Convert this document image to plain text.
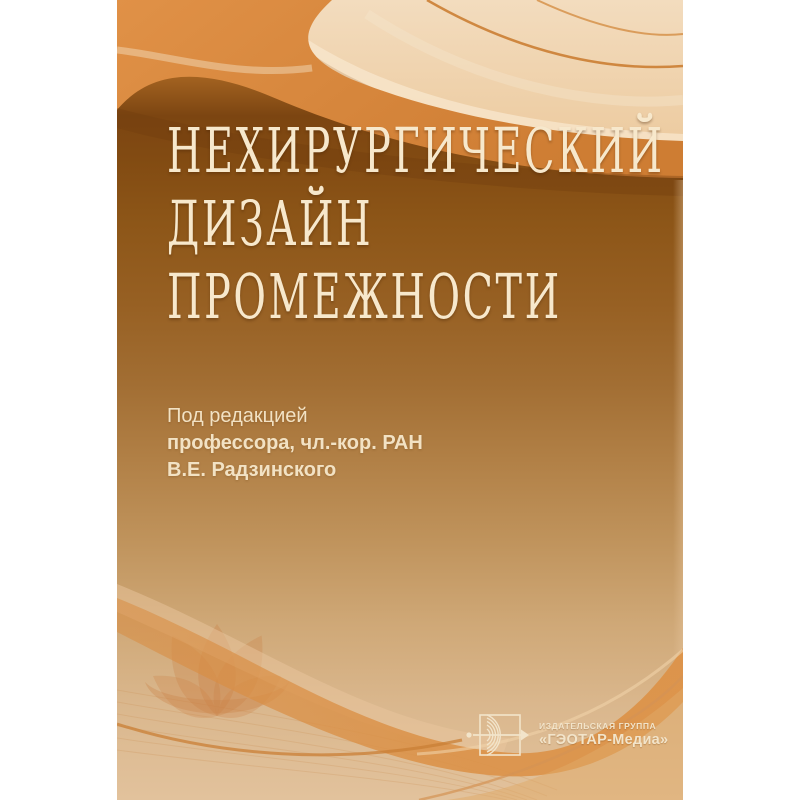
НЕХИРУРГИЧЕСКИЙ
ДИЗАЙН
ПРОМЕЖНОСТИ
Под редакцией
профессора, чл.-кор. РАН
В.Е. Радзинского
ИЗДАТЕЛЬСКАЯ ГРУППА
«ГЭОТАР-Медиа»
